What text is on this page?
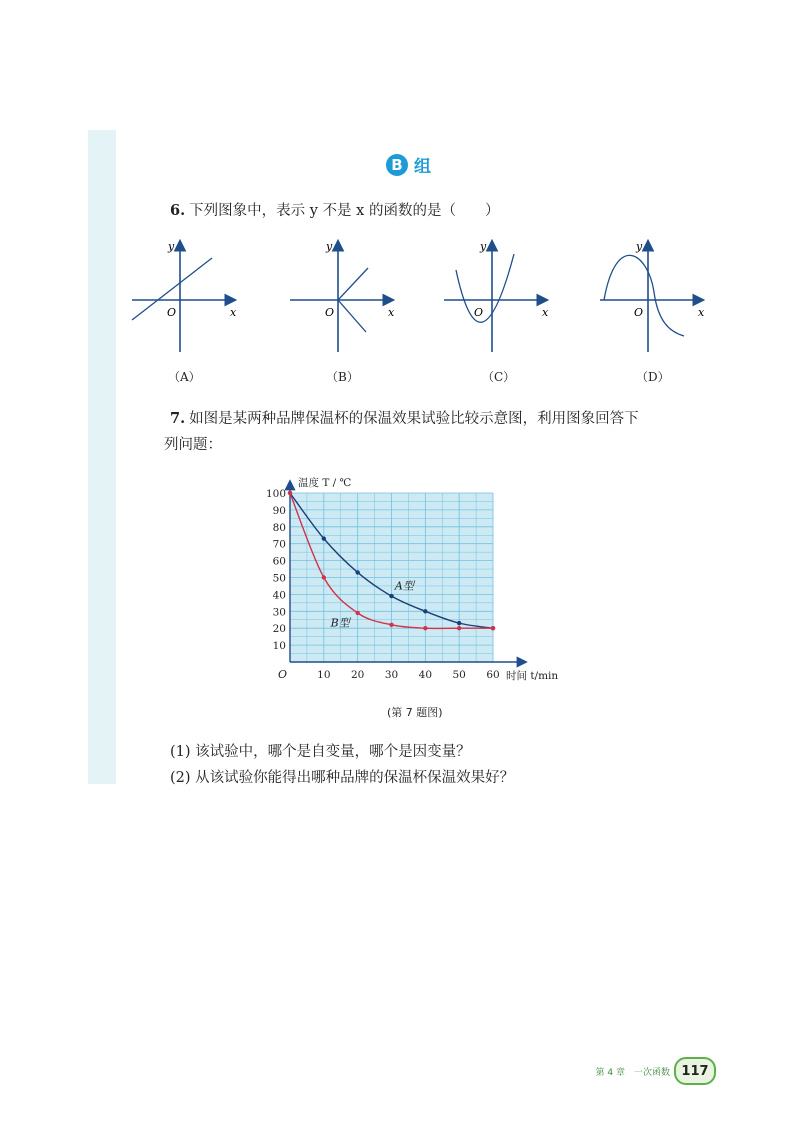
B 组
6. 下列图象中，表示 y 不是 x 的函数的是（　　）
O	x
y
（A）
O	x
y
（B）
O	x
y
（C）
O	x
y
（D）
7. 如图是某两种品牌保温杯的保温效果试验比较示意图，利用图象回答下
列问题：
10
20
30
40
50
60
70
80
90
100
10 20 30 40 50 60
O
温度 T / ℃
时间 t/min
A型
B型
(第 7 题图)
(1) 该试验中，哪个是自变量，哪个是因变量？
(2) 从该试验你能得出哪种品牌的保温杯保温效果好？
第 4 章　一次函数 117
